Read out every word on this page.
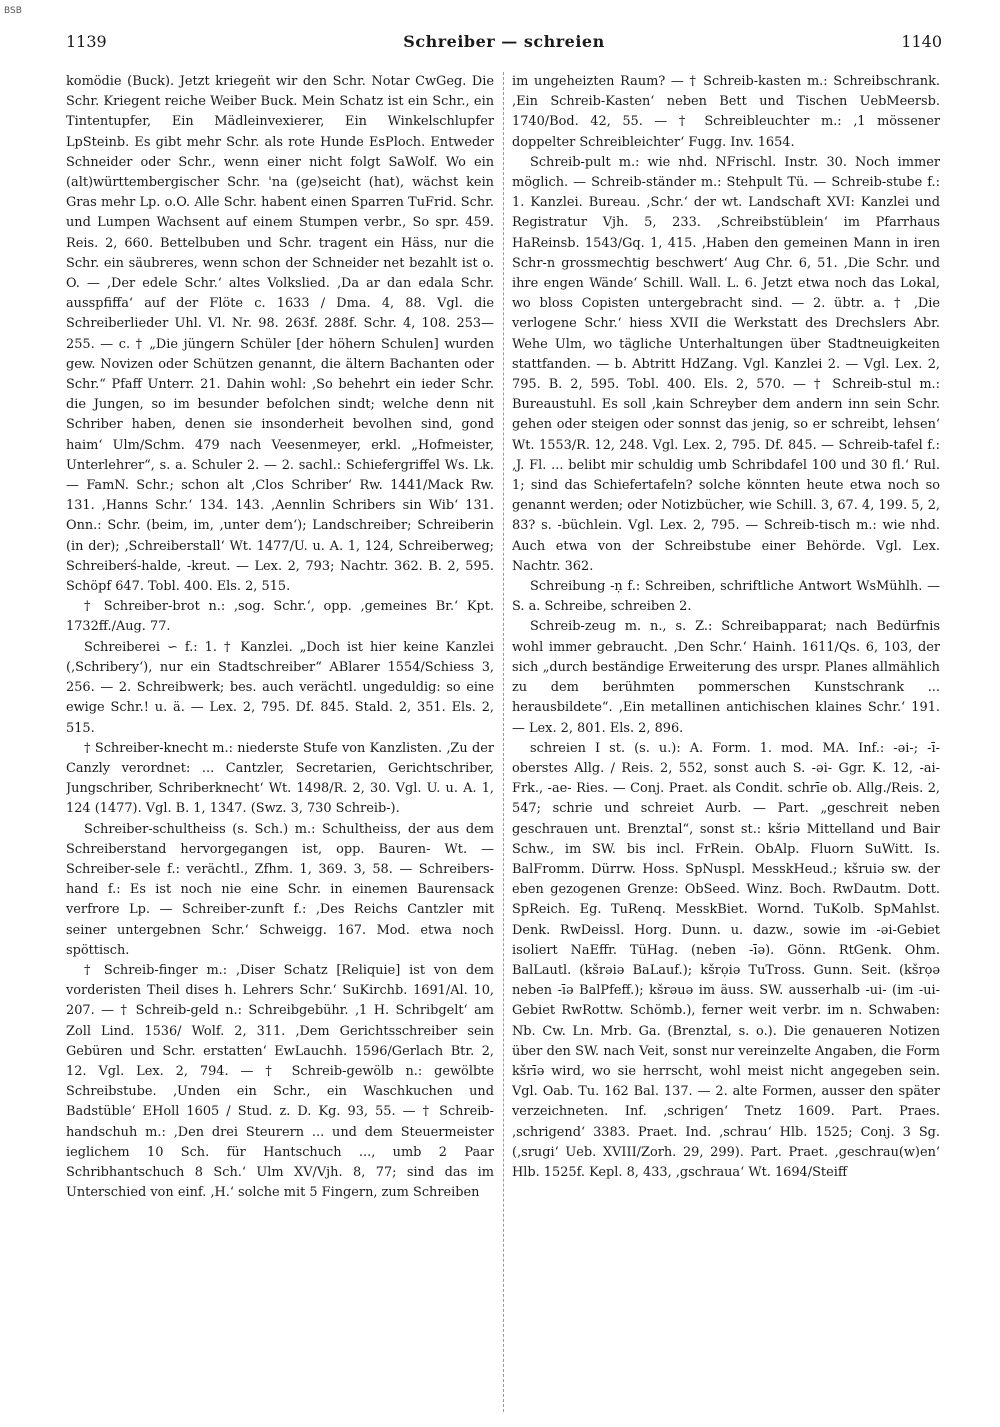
BSB
1139	Schreiber — schreien	1140

komödie (Buck). Jetzt kriegen̈t wir den Schr. Notar CwGeg. Die Schr. Kriegent reiche Weiber Buck. Mein Schatz ist ein Schr., ein Tintentupfer, Ein Mädleinvexierer, Ein Winkelschlupfer LpSteinb. Es gibt mehr Schr. als rote Hunde EsPloch. Entweder Schneider oder Schr., wenn einer nicht folgt SaWolf. Wo ein (alt)württembergischer Schr. 'na (ge)seicht (hat), wächst kein Gras mehr Lp. o.O. Alle Schr. habent einen Sparren TuFrid. Schr. und Lumpen Wachsent auf einem Stumpen verbr., So spr. 459. Reis. 2, 660. Bettelbuben und Schr. tragent ein Häss, nur die Schr. ein säubreres, wenn schon der Schneider net bezahlt ist o. O. — ‚Der edele Schr.‘ altes Volkslied. ‚Da ar dan edala Schr. ausspfiffa‘ auf der Flöte c. 1633 / Dma. 4, 88. Vgl. die Schreiberlieder Uhl. Vl. Nr. 98. 263f. 288f. Schr. 4, 108. 253—255. — c. † „Die jüngern Schüler [der höhern Schulen] wurden gew. Novizen oder Schützen genannt, die ältern Bachanten oder Schr.“ Pfaff Unterr. 21. Dahin wohl: ‚So behehrt ein ieder Schr. die Jungen, so im besunder befolchen sindt; welche denn nit Schriber haben, denen sie insonderheit bevolhen sind, gond haim‘ Ulm/Schm. 479 nach Veesenmeyer, erkl. „Hofmeister, Unterlehrer“, s. a. Schuler 2. — 2. sachl.: Schiefergriffel Ws. Lk. — FamN. Schr.; schon alt ‚Clos Schriber‘ Rw. 1441/Mack Rw. 131. ‚Hanns Schr.‘ 134. 143. ‚Aennlin Schribers sin Wib‘ 131. Onn.: Schr. (beim, im, ‚unter dem‘); Landschreiber; Schreiberin (in der); ‚Schreiberstall‘ Wt. 1477/U. u. A. 1, 124, Schreiberweg; Schreiberś-halde, -kreut. — Lex. 2, 793; Nachtr. 362. B. 2, 595. Schöpf 647. Tobl. 400. Els. 2, 515.

† Schreiber-brot n.: ‚sog. Schr.‘, opp. ‚gemeines Br.‘ Kpt. 1732ff./Aug. 77.

Schreiberei ∽ f.: 1. † Kanzlei. „Doch ist hier keine Kanzlei (‚Schribery‘), nur ein Stadtschreiber“ ABlarer 1554/Schiess 3, 256. — 2. Schreibwerk; bes. auch verächtl. ungeduldig: so eine ewige Schr.! u. ä. — Lex. 2, 795. Df. 845. Stald. 2, 351. Els. 2, 515.

† Schreiber-knecht m.: niederste Stufe von Kanzlisten. ‚Zu der Canzly verordnet: ... Cantzler, Secretarien, Gerichtschriber, Jungschriber, Schriberknecht‘ Wt. 1498/R. 2, 30. Vgl. U. u. A. 1, 124 (1477). Vgl. B. 1, 1347. (Swz. 3, 730 Schreib-).

Schreiber-schultheiss (s. Sch.) m.: Schultheiss, der aus dem Schreiberstand hervorgegangen ist, opp. Bauren- Wt. — Schreiber-sele f.: verächtl., Zfhm. 1, 369. 3, 58. — Schreibers-hand f.: Es ist noch nie eine Schr. in einemen Baurensack verfrore Lp. — Schreiber-zunft f.: ‚Des Reichs Cantzler mit seiner untergebnen Schr.‘ Schweigg. 167. Mod. etwa noch spöttisch.

† Schreib-finger m.: ‚Diser Schatz [Reliquie] ist von dem vorderisten Theil dises h. Lehrers Schr.‘ SuKirchb. 1691/Al. 10, 207. — † Schreib-geld n.: Schreibgebühr. ‚1 H. Schribgelt‘ am Zoll Lind. 1536/ Wolf. 2, 311. ‚Dem Gerichtsschreiber sein Gebüren und Schr. erstatten‘ EwLauchh. 1596/Gerlach Btr. 2, 12. Vgl. Lex. 2, 794. — † Schreib-gewölb n.: gewölbte Schreibstube. ‚Unden ein Schr., ein Waschkuchen und Badstüble‘ EHoll 1605 / Stud. z. D. Kg. 93, 55. — † Schreib-handschuh m.: ‚Den drei Steurern ... und dem Steuermeister ieglichem 10 Sch. für Hantschuch ..., umb 2 Paar Schribhantschuch 8 Sch.‘ Ulm XV/Vjh. 8, 77; sind das im Unterschied von einf. ‚H.‘ solche mit 5 Fingern, zum Schreiben

im ungeheizten Raum? — † Schreib-kasten m.: Schreibschrank. ‚Ein Schreib-Kasten‘ neben Bett und Tischen UebMeersb. 1740/Bod. 42, 55. — † Schreibleuchter m.: ‚1 mössener doppelter Schreibleichter‘ Fugg. Inv. 1654.

Schreib-pult m.: wie nhd. NFrischl. Instr. 30. Noch immer möglich. — Schreib-ständer m.: Stehpult Tü. — Schreib-stube f.: 1. Kanzlei. Bureau. ‚Schr.‘ der wt. Landschaft XVI: Kanzlei und Registratur Vjh. 5, 233. ‚Schreibstüblein‘ im Pfarrhaus HaReinsb. 1543/Gq. 1, 415. ‚Haben den gemeinen Mann in iren Schr-n grossmechtig beschwert‘ Aug Chr. 6, 51. ‚Die Schr. und ihre engen Wände‘ Schill. Wall. L. 6. Jetzt etwa noch das Lokal, wo bloss Copisten untergebracht sind. — 2. übtr. a. † ‚Die verlogene Schr.‘ hiess XVII die Werkstatt des Drechslers Abr. Wehe Ulm, wo tägliche Unterhaltungen über Stadtneuigkeiten stattfanden. — b. Abtritt HdZang. Vgl. Kanzlei 2. — Vgl. Lex. 2, 795. B. 2, 595. Tobl. 400. Els. 2, 570. — † Schreib-stul m.: Bureaustuhl. Es soll ‚kain Schreyber dem andern inn sein Schr. gehen oder steigen oder sonnst das jenig, so er schreibt, lehsen‘ Wt. 1553/R. 12, 248. Vgl. Lex. 2, 795. Df. 845. — Schreib-tafel f.: ‚J. Fl. ... belibt mir schuldig umb Schribdafel 100 und 30 fl.‘ Rul. 1; sind das Schiefertafeln? solche könnten heute etwa noch so genannt werden; oder Notizbücher, wie Schill. 3, 67. 4, 199. 5, 2, 83? s. -büchlein. Vgl. Lex. 2, 795. — Schreib-tisch m.: wie nhd. Auch etwa von der Schreibstube einer Behörde. Vgl. Lex. Nachtr. 362.

Schreibung -ṇ f.: Schreiben, schriftliche Antwort WsMühlh. — S. a. Schreibe, schreiben 2.

Schreib-zeug m. n., s. Z.: Schreibapparat; nach Bedürfnis wohl immer gebraucht. ‚Den Schr.‘ Hainh. 1611/Qs. 6, 103, der sich „durch beständige Erweiterung des urspr. Planes allmählich zu dem berühmten pommerschen Kunstschrank ... herausbildete“. ‚Ein metallinen antichischen klaines Schr.‘ 191. — Lex. 2, 801. Els. 2, 896.

schreien I st. (s. u.): A. Form. 1. mod. MA. Inf.: -əi-; -ī- oberstes Allg. / Reis. 2, 552, sonst auch S. -əi- Ggr. K. 12, -ai- Frk., -ae- Ries. — Conj. Praet. als Condit. schrīe ob. Allg./Reis. 2, 547; schrie und schreiet Aurb. — Part. „geschreit neben geschrauen unt. Brenztal“, sonst st.: kšriə Mittelland und Bair Schw., im SW. bis incl. FrRein. ObAlp. Fluorn SuWitt. Is. BalFromm. Dürrw. Hoss. SpNuspl. MesskHeud.; kšruiə sw. der eben gezogenen Grenze: ObSeed. Winz. Boch. RwDautm. Dott. SpReich. Eg. TuRenq. MesskBiet. Wornd. TuKolb. SpMahlst. Denk. RwDeissl. Horg. Dunn. u. dazw., sowie im -əi-Gebiet isoliert NaEffr. TüHag. (neben -īə). Gönn. RtGenk. Ohm. BalLautl. (kšrəiə BaLauf.); kšrọiə TuTross. Gunn. Seit. (kšrọə neben -īə BalPfeff.); kšrəuə im äuss. SW. ausserhalb -ui- (im -ui-Gebiet RwRottw. Schömb.), ferner weit verbr. im n. Schwaben: Nb. Cw. Ln. Mrb. Ga. (Brenztal, s. o.). Die genaueren Notizen über den SW. nach Veit, sonst nur vereinzelte Angaben, die Form kšrīə wird, wo sie herrscht, wohl meist nicht angegeben sein. Vgl. Oab. Tu. 162 Bal. 137. — 2. alte Formen, ausser den später verzeichneten. Inf. ‚schrigen‘ Tnetz 1609. Part. Praes. ‚schrigend‘ 3383. Praet. Ind. ‚schrau‘ Hlb. 1525; Conj. 3 Sg. (‚srugi‘ Ueb. XVIII/Zorh. 29, 299). Part. Praet. ‚geschrau(w)en‘ Hlb. 1525f. Kepl. 8, 433, ‚gschraua‘ Wt. 1694/Steiff
